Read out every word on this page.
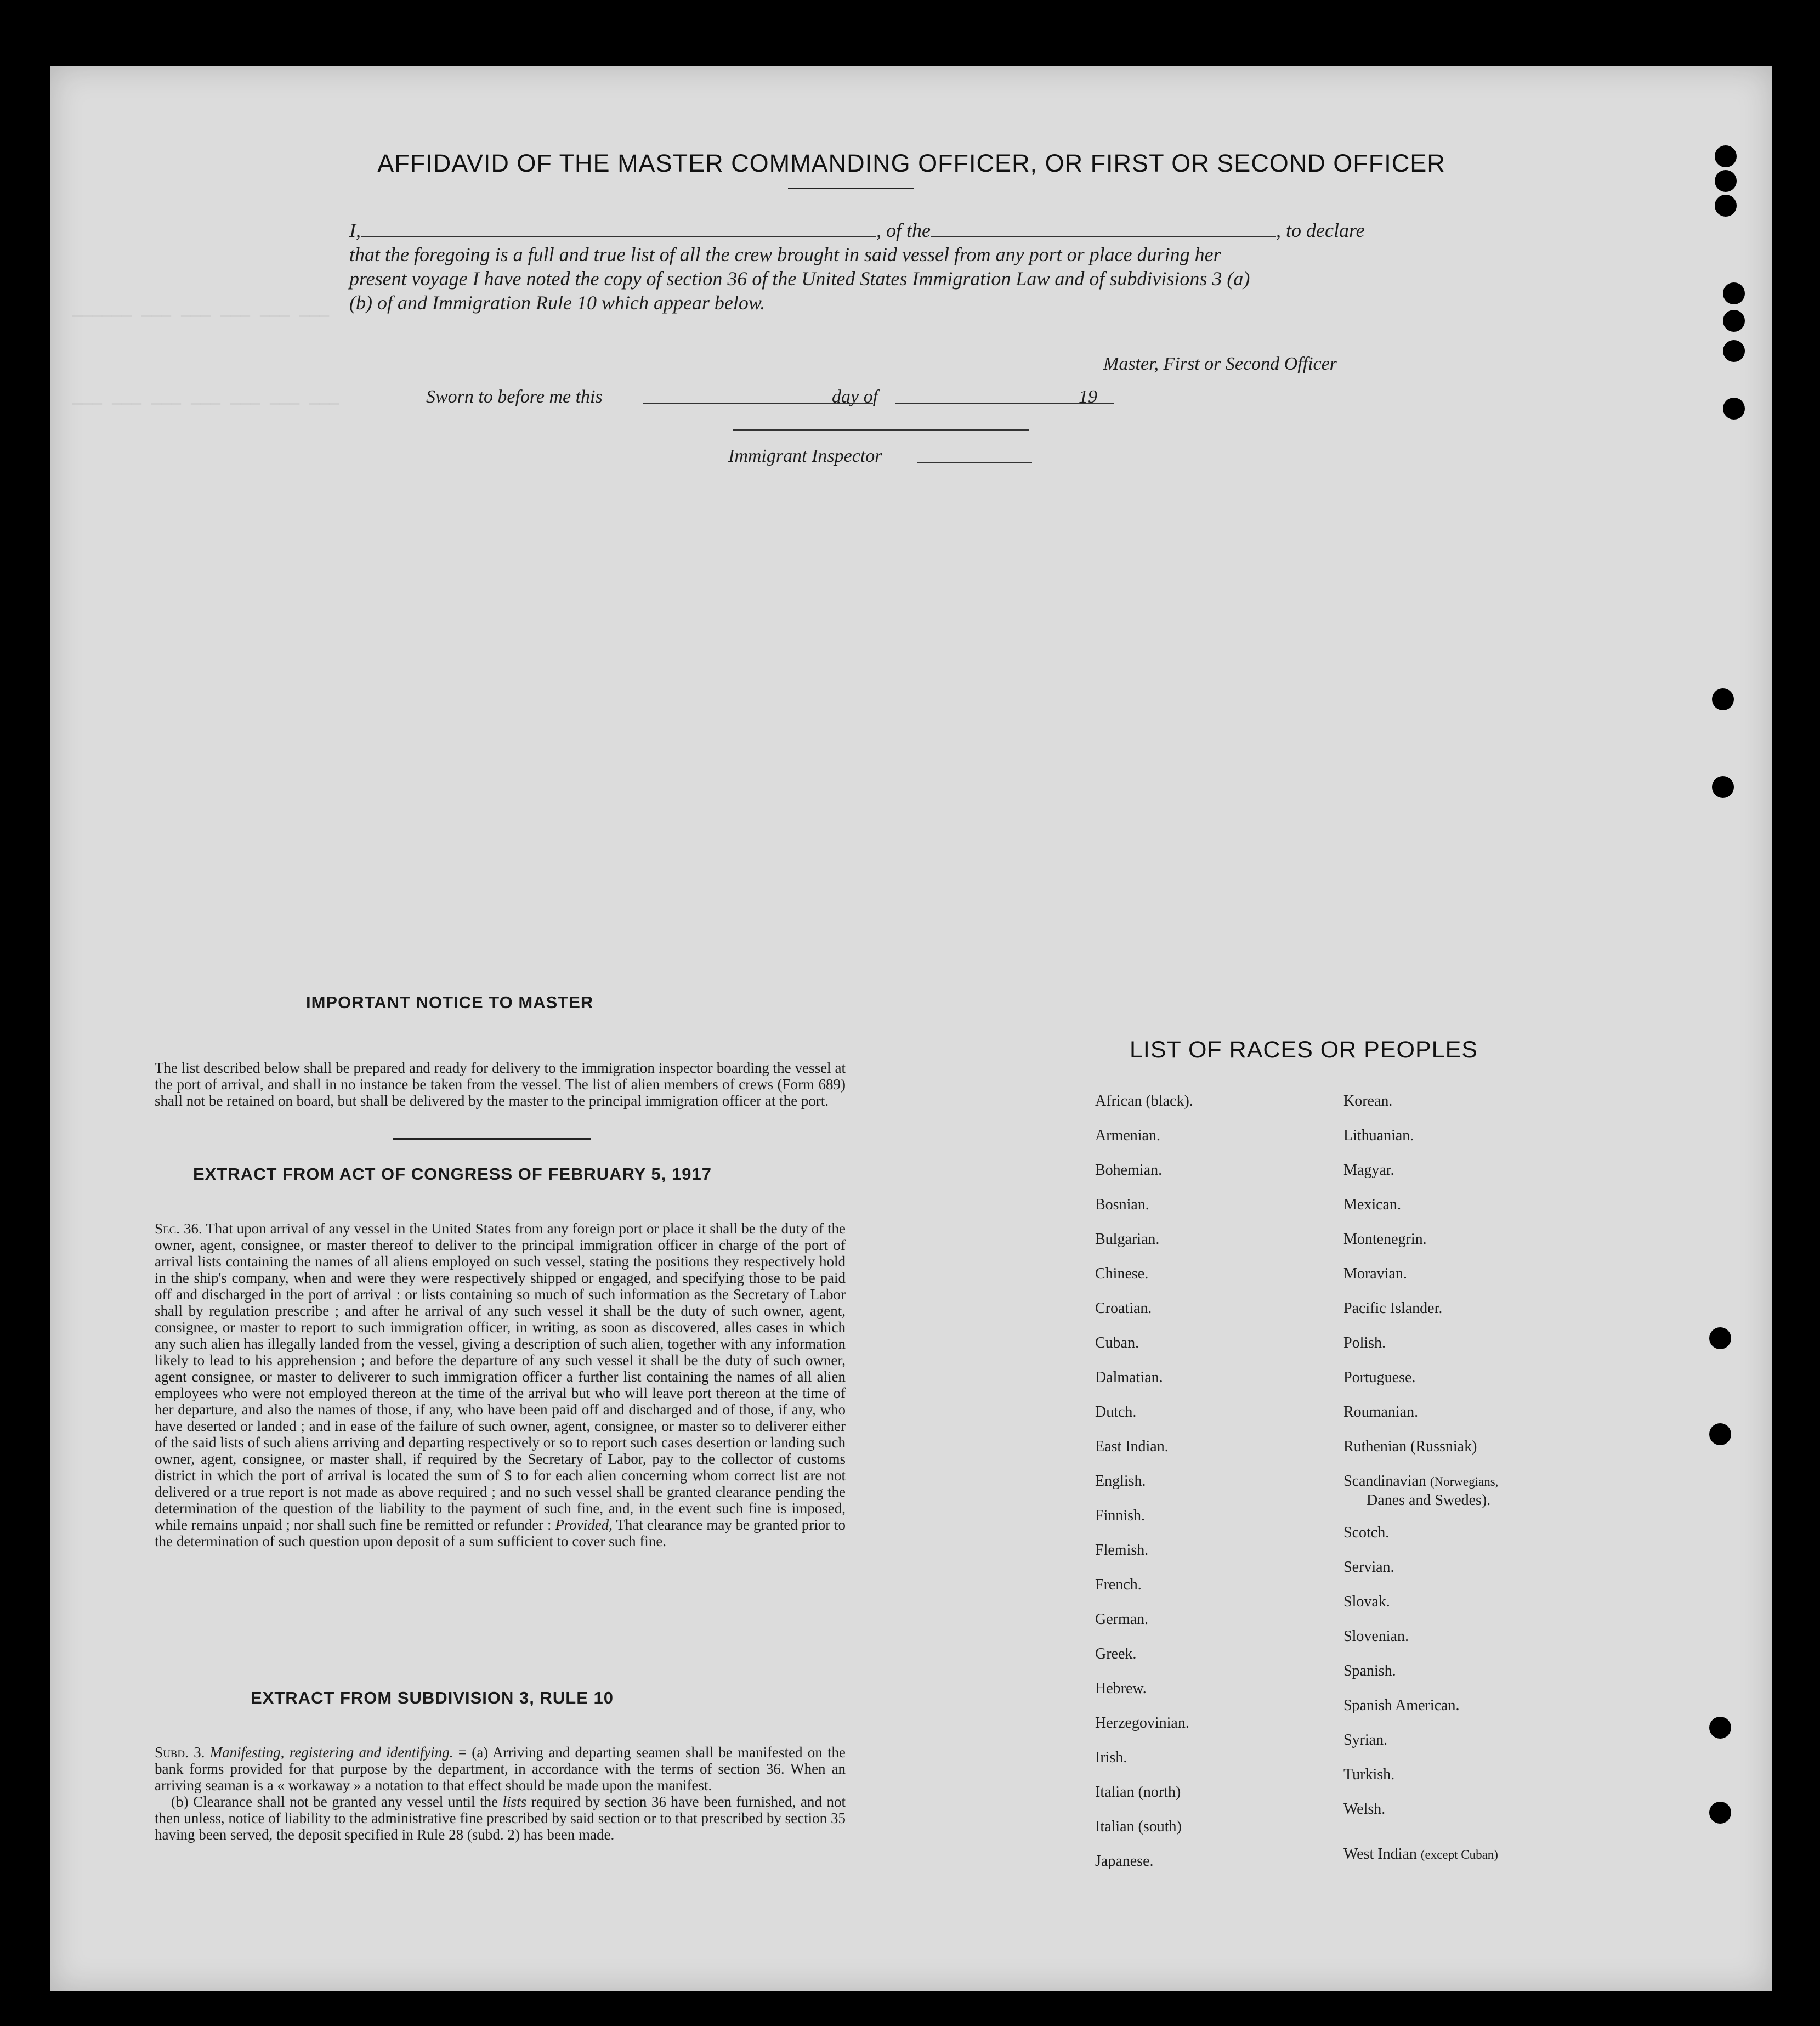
—————— ——— ——— ——— ——— ———
——— ——— ——— ——— ——— ——— ———
AFFIDAVID OF THE MASTER COMMANDING OFFICER, OR FIRST OR SECOND OFFICER
I,	, of the	, to declare
that the foregoing is a full and true list of all the crew brought in said vessel from any port or place during her
present voyage I have noted the copy of section 36 of the United States Immigration Law and of subdivisions 3 (a)
(b) of and Immigration Rule 10 which appear below.
Master, First or Second Officer
Sworn to before me this	day of	19
Immigrant Inspector
IMPORTANT NOTICE TO MASTER
The list described below shall be prepared and ready for delivery to the immigration inspector boarding the vessel at the port of arrival, and shall in no instance be taken from the vessel. The list of alien members of crews (Form 689) shall not be retained on board, but shall be delivered by the master to the principal immigration officer at the port.
EXTRACT FROM ACT OF CONGRESS OF FEBRUARY 5, 1917
Sec. 36. That upon arrival of any vessel in the United States from any foreign port or place it shall be the duty of the owner, agent, consignee, or master thereof to deliver to the principal immigration officer in charge of the port of arrival lists containing the names of all aliens employed on such vessel, stating the positions they respectively hold in the ship's company, when and were they were respectively shipped or engaged, and specifying those to be paid off and discharged in the port of arrival : or lists containing so much of such information as the Secretary of Labor shall by regulation prescribe ; and after he arrival of any such vessel it shall be the duty of such owner, agent, consignee, or master to report to such immigration officer, in writing, as soon as discovered, alles cases in which any such alien has illegally landed from the vessel, giving a description of such alien, together with any information likely to lead to his apprehension ; and before the departure of any such vessel it shall be the duty of such owner, agent consignee, or master to deliverer to such immigration officer a further list containing the names of all alien employees who were not employed thereon at the time of the arrival but who will leave port thereon at the time of her departure, and also the names of those, if any, who have been paid off and discharged and of those, if any, who have deserted or landed ; and in ease of the failure of such owner, agent, consignee, or master so to deliverer either of the said lists of such aliens arriving and departing respectively or so to report such cases desertion or landing such owner, agent, consignee, or master shall, if required by the Secretary of Labor, pay to the collector of customs district in which the port of arrival is located the sum of $ to for each alien concerning whom correct list are not delivered or a true report is not made as above required ; and no such vessel shall be granted clearance pending the determination of the question of the liability to the payment of such fine, and, in the event such fine is imposed, while remains unpaid ; nor shall such fine be remitted or refunder : Provided, That clearance may be granted prior to the determination of such question upon deposit of a sum sufficient to cover such fine.
EXTRACT FROM SUBDIVISION 3, RULE 10
Subd. 3. Manifesting, registering and identifying. = (a) Arriving and departing seamen shall be manifested on the bank forms provided for that purpose by the department, in accordance with the terms of section 36. When an arriving seaman is a « workaway » a notation to that effect should be made upon the manifest.
(b) Clearance shall not be granted any vessel until the lists required by section 36 have been furnished, and not then unless, notice of liability to the administrative fine prescribed by said section or to that prescribed by section 35 having been served, the deposit specified in Rule 28 (subd. 2) has been made.
LIST OF RACES OR PEOPLES
African (black).
Armenian.
Bohemian.
Bosnian.
Bulgarian.
Chinese.
Croatian.
Cuban.
Dalmatian.
Dutch.
East Indian.
English.
Finnish.
Flemish.
French.
German.
Greek.
Hebrew.
Herzegovinian.
Irish.
Italian (north)
Italian (south)
Japanese.
Korean.
Lithuanian.
Magyar.
Mexican.
Montenegrin.
Moravian.
Pacific Islander.
Polish.
Portuguese.
Roumanian.
Ruthenian (Russniak)
Scandinavian (Norwegians,
Danes and Swedes).
Scotch.
Servian.
Slovak.
Slovenian.
Spanish.
Spanish American.
Syrian.
Turkish.
Welsh.
West Indian (except Cuban)
